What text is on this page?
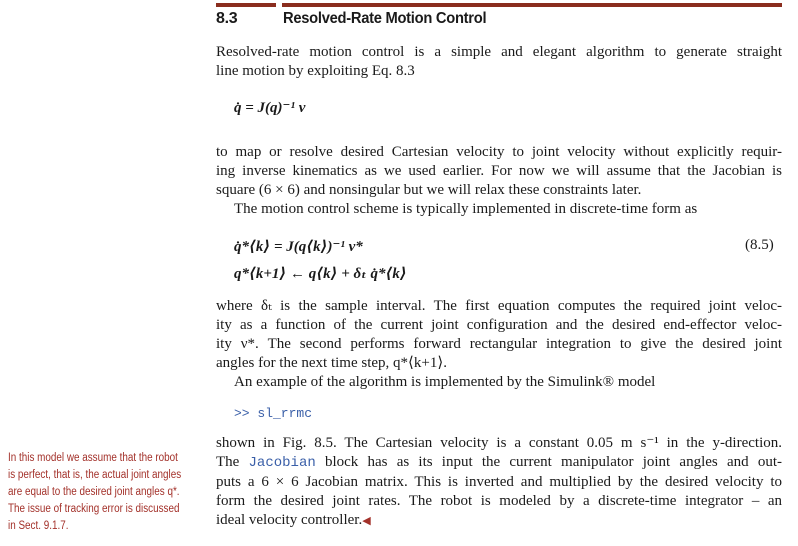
8.3	Resolved-Rate Motion Control
Resolved-rate motion control is a simple and elegant algorithm to generate straight
line motion by exploiting Eq. 8.3
q̇ = J(q)⁻¹ ν
to map or resolve desired Cartesian velocity to joint velocity without explicitly requir-
ing inverse kinematics as we used earlier. For now we will assume that the Jacobian is
square (6 × 6) and nonsingular but we will relax these constraints later.
The motion control scheme is typically implemented in discrete-time form as
q̇*⟨k⟩ = J(q⟨k⟩)⁻¹ ν*
q*⟨k+1⟩ ← q⟨k⟩ + δₜ q̇*⟨k⟩
(8.5)
where δₜ is the sample interval. The first equation computes the required joint veloc-
ity as a function of the current joint configuration and the desired end-effector veloc-
ity ν*. The second performs forward rectangular integration to give the desired joint
angles for the next time step, q*⟨k+1⟩.
An example of the algorithm is implemented by the Simulink® model
>> sl_rrmc
shown in Fig. 8.5. The Cartesian velocity is a constant 0.05 m s⁻¹ in the y-direction.
The Jacobian block has as its input the current manipulator joint angles and out-
puts a 6 × 6 Jacobian matrix. This is inverted and multiplied by the desired velocity to
form the desired joint rates. The robot is modeled by a discrete-time integrator – an
ideal velocity controller.◀
In this model we assume that the robot
is perfect, that is, the actual joint angles
are equal to the desired joint angles q*.
The issue of tracking error is discussed
in Sect. 9.1.7.
